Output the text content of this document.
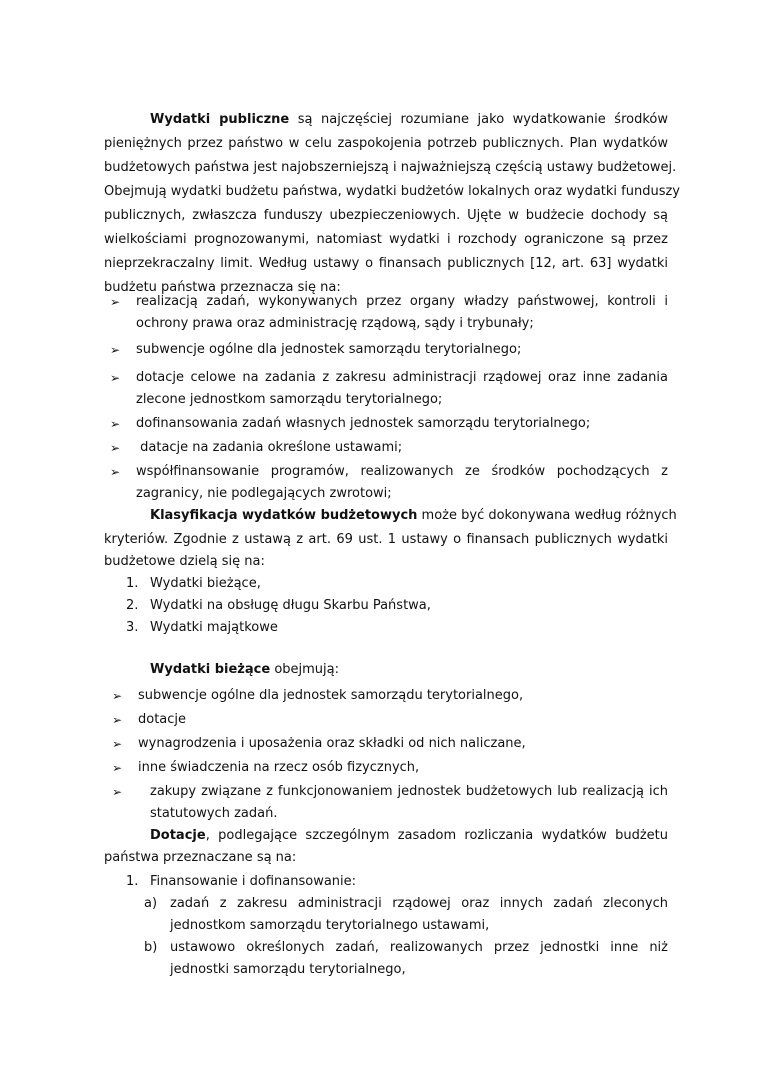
Wydatki publiczne są najczęściej rozumiane jako wydatkowanie środków
pieniężnych przez państwo w celu zaspokojenia potrzeb publicznych. Plan wydatków
budżetowych państwa jest najobszerniejszą i najważniejszą częścią ustawy budżetowej.
Obejmują wydatki budżetu państwa, wydatki budżetów lokalnych oraz wydatki funduszy
publicznych, zwłaszcza funduszy ubezpieczeniowych. Ujęte w budżecie dochody są
wielkościami prognozowanymi, natomiast wydatki i rozchody ograniczone są przez
nieprzekraczalny limit. Według ustawy o finansach publicznych [12, art. 63] wydatki
budżetu państwa przeznacza się na:
➢ realizacją zadań, wykonywanych przez organy władzy państwowej, kontroli i
ochrony prawa oraz administrację rządową, sądy i trybunały;
➢ subwencje ogólne dla jednostek samorządu terytorialnego;
➢ dotacje celowe na zadania z zakresu administracji rządowej oraz inne zadania
zlecone jednostkom samorządu terytorialnego;
➢ dofinansowania zadań własnych jednostek samorządu terytorialnego;
➢ datacje na zadania określone ustawami;
➢ współfinansowanie programów, realizowanych ze środków pochodzących z
zagranicy, nie podlegających zwrotowi;
Klasyfikacja wydatków budżetowych może być dokonywana według różnych
kryteriów. Zgodnie z ustawą z art. 69 ust. 1 ustawy o finansach publicznych wydatki
budżetowe dzielą się na:
1. Wydatki bieżące,
2. Wydatki na obsługę długu Skarbu Państwa,
3. Wydatki majątkowe
Wydatki bieżące obejmują:
➢ subwencje ogólne dla jednostek samorządu terytorialnego,
➢ dotacje
➢ wynagrodzenia i uposażenia oraz składki od nich naliczane,
➢ inne świadczenia na rzecz osób fizycznych,
➢ zakupy związane z funkcjonowaniem jednostek budżetowych lub realizacją ich
statutowych zadań.
Dotacje, podlegające szczególnym zasadom rozliczania wydatków budżetu
państwa przeznaczane są na:
1. Finansowanie i dofinansowanie:
a) zadań z zakresu administracji rządowej oraz innych zadań zleconych
jednostkom samorządu terytorialnego ustawami,
b) ustawowo określonych zadań, realizowanych przez jednostki inne niż
jednostki samorządu terytorialnego,
